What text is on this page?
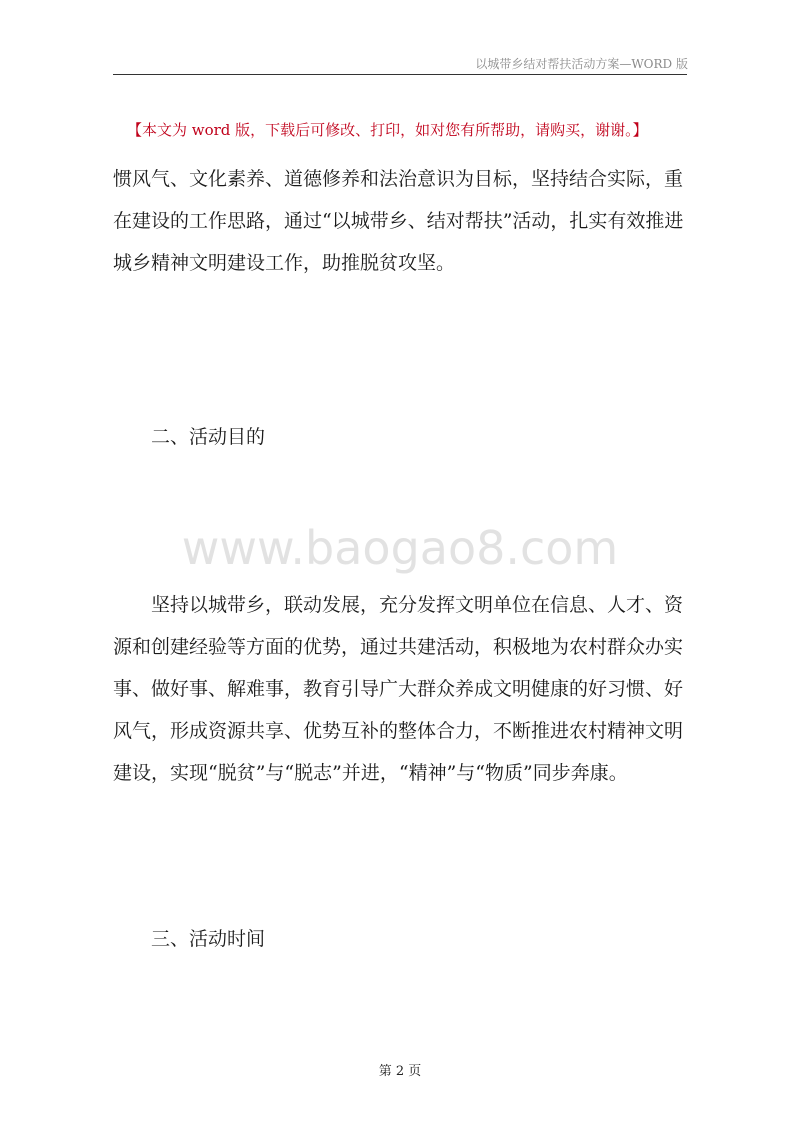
以城带乡结对帮扶活动方案—WORD 版
【本文为 word 版，下载后可修改、打印，如对您有所帮助，请购买，谢谢。】

惯风气、文化素养、道德修养和法治意识为目标，坚持结合实际，重
在建设的工作思路，通过“以城带乡、结对帮扶”活动，扎实有效推进
城乡精神文明建设工作，助推脱贫攻坚。

二、活动目的
www.baogao8.com

　　坚持以城带乡，联动发展，充分发挥文明单位在信息、人才、资
源和创建经验等方面的优势，通过共建活动，积极地为农村群众办实
事、做好事、解难事，教育引导广大群众养成文明健康的好习惯、好
风气，形成资源共享、优势互补的整体合力，不断推进农村精神文明
建设，实现“脱贫”与“脱志”并进，“精神”与“物质”同步奔康。

三、活动时间
第 2 页
